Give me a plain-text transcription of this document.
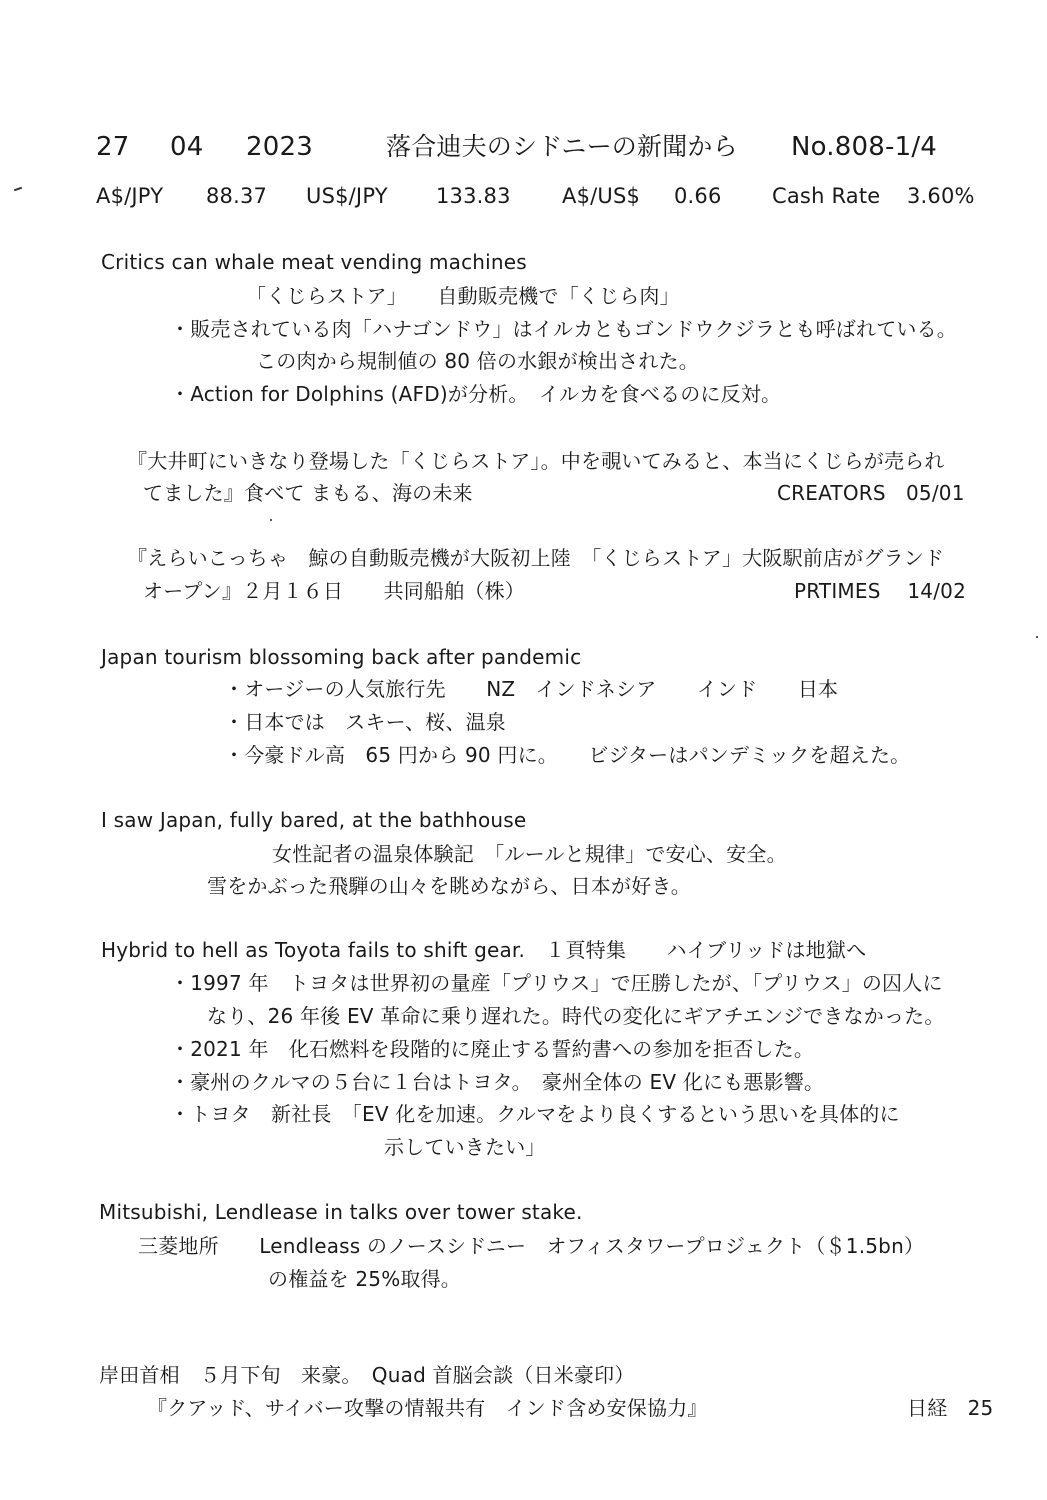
27 04 2023	落合迪夫のシドニーの新聞から No.808-1/4
A$/JPY 88.37 US$/JPY 133.83 A$/US$ 0.66 Cash Rate 3.60%
Critics can whale meat vending machines
「くじらストア」　　自動販売機で「くじら肉」
・販売されている肉「ハナゴンドウ」はイルカともゴンドウクジラとも呼ばれている。
この肉から規制値の 80 倍の水銀が検出された。
・Action for Dolphins (AFD)が分析。　イルカを食べるのに反対。
『大井町にいきなり登場した「くじらストア」。中を覗いてみると、本当にくじらが売られ
てました』食べて まもる、海の未来	CREATORS　05/01
『えらいこっちゃ　鯨の自動販売機が大阪初上陸　「くじらストア」大阪駅前店がグランド
オープン』２月１６日　　共同船舶（株）	PRTIMES　 14/02
Japan tourism blossoming back after pandemic
・オージーの人気旅行先　　NZ　インドネシア　　インド　　日本
・日本では　スキー、桜、温泉
・今豪ドル高　65 円から 90 円に。　　ビジターはパンデミックを超えた。
I saw Japan, fully bared, at the bathhouse
女性記者の温泉体験記　「ルールと規律」で安心、安全。
雪をかぶった飛騨の山々を眺めながら、日本が好き。
Hybrid to hell as Toyota fails to shift gear.　１頁特集　　ハイブリッドは地獄へ
・1997 年　トヨタは世界初の量産「プリウス」で圧勝したが、「プリウス」の囚人に
なり、26 年後 EV 革命に乗り遅れた。時代の変化にギアチエンジできなかった。
・2021 年　化石燃料を段階的に廃止する誓約書への参加を拒否した。
・豪州のクルマの５台に１台はトヨタ。　豪州全体の EV 化にも悪影響。
・トヨタ　新社長　「EV 化を加速。クルマをより良くするという思いを具体的に
示していきたい」
Mitsubishi, Lendlease in talks over tower stake.
三菱地所　　Lendleass のノースシドニー　オフィスタワープロジェクト（＄1.5bn）
の権益を 25%取得。
岸田首相　５月下旬　来豪。　Quad 首脳会談（日米豪印）
『クアッド、サイバー攻撃の情報共有　インド含め安保協力』	日経　25
